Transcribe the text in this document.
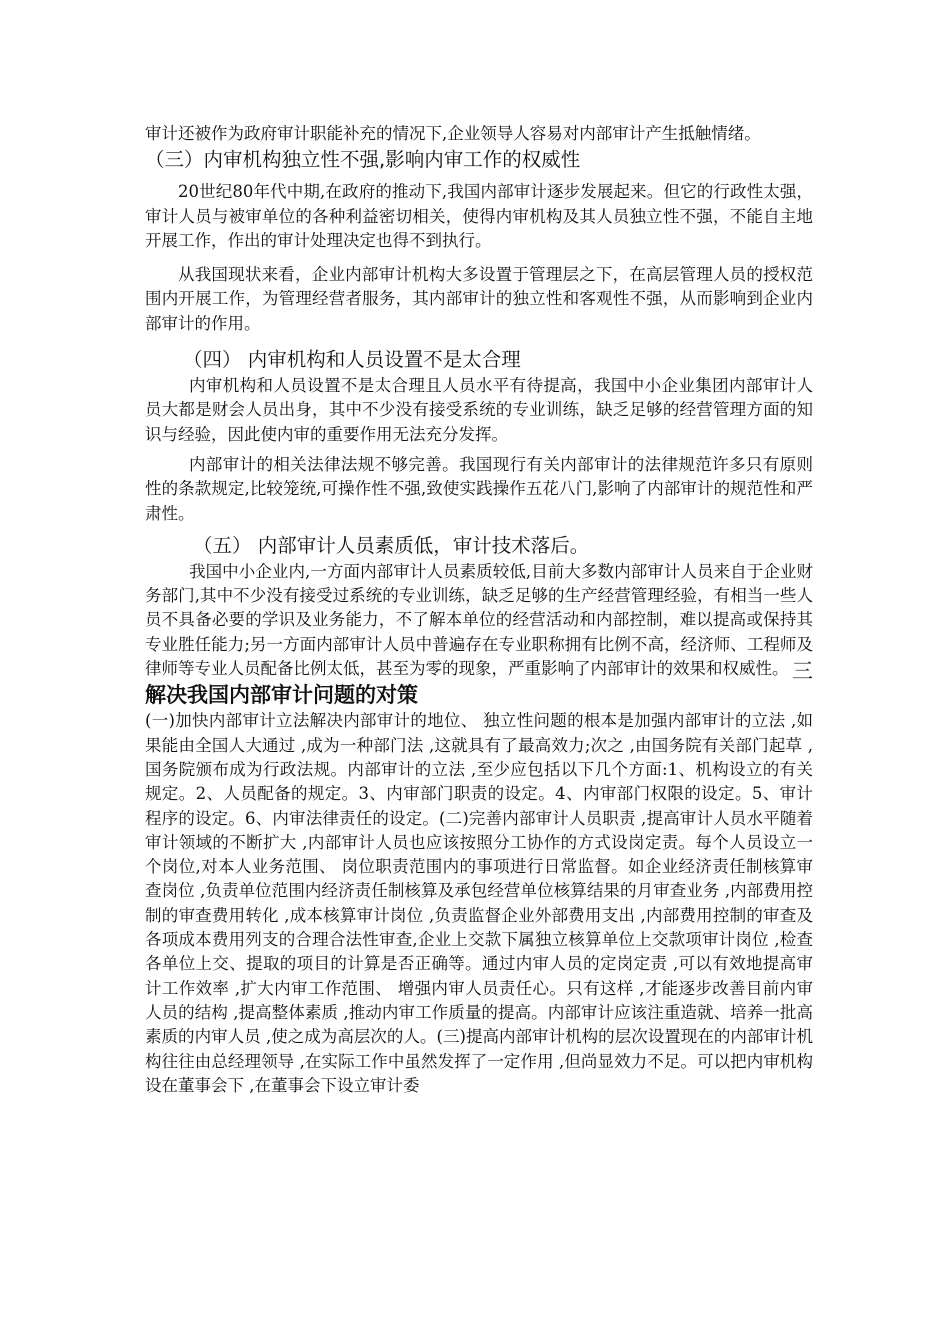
审计还被作为政府审计职能补充的情况下,企业领导人容易对内部审计产生抵触情绪。

（三）内审机构独立性不强,影响内审工作的权威性

20世纪80年代中期,在政府的推动下,我国内部审计逐步发展起来。但它的行政性太强，审计人员与被审单位的各种利益密切相关，使得内审机构及其人员独立性不强，不能自主地开展工作，作出的审计处理决定也得不到执行。

从我国现状来看，企业内部审计机构大多设置于管理层之下，在高层管理人员的授权范围内开展工作，为管理经营者服务，其内部审计的独立性和客观性不强，从而影响到企业内部审计的作用。

（四） 内审机构和人员设置不是太合理

内审机构和人员设置不是太合理且人员水平有待提高，我国中小企业集团内部审计人员大都是财会人员出身，其中不少没有接受系统的专业训练，缺乏足够的经营管理方面的知识与经验，因此使内审的重要作用无法充分发挥。

内部审计的相关法律法规不够完善。我国现行有关内部审计的法律规范许多只有原则性的条款规定,比较笼统,可操作性不强,致使实践操作五花八门,影响了内部审计的规范性和严肃性。

（五） 内部审计人员素质低，审计技术落后。

我国中小企业内,一方面内部审计人员素质较低,目前大多数内部审计人员来自于企业财务部门,其中不少没有接受过系统的专业训练，缺乏足够的生产经营管理经验，有相当一些人员不具备必要的学识及业务能力，不了解本单位的经营活动和内部控制，难以提高或保持其专业胜任能力;另一方面内部审计人员中普遍存在专业职称拥有比例不高，经济师、工程师及律师等专业人员配备比例太低，甚至为零的现象，严重影响了内部审计的效果和权威性。 三
解决我国内部审计问题的对策

(一)加快内部审计立法解决内部审计的地位、 独立性问题的根本是加强内部审计的立法 ,如果能由全国人大通过 ,成为一种部门法 ,这就具有了最高效力;次之 ,由国务院有关部门起草 ,国务院颁布成为行政法规。内部审计的立法 ,至少应包括以下几个方面:1、机构设立的有关规定。2、人员配备的规定。3、内审部门职责的设定。4、内审部门权限的设定。5、审计程序的设定。6、内审法律责任的设定。(二)完善内部审计人员职责 ,提高审计人员水平随着审计领域的不断扩大 ,内部审计人员也应该按照分工协作的方式设岗定责。每个人员设立一个岗位,对本人业务范围、 岗位职责范围内的事项进行日常监督。如企业经济责任制核算审查岗位 ,负责单位范围内经济责任制核算及承包经营单位核算结果的月审查业务 ,内部费用控制的审查费用转化 ,成本核算审计岗位 ,负责监督企业外部费用支出 ,内部费用控制的审查及各项成本费用列支的合理合法性审查,企业上交款下属独立核算单位上交款项审计岗位 ,检查各单位上交、提取的项目的计算是否正确等。通过内审人员的定岗定责 ,可以有效地提高审计工作效率 ,扩大内审工作范围、 增强内审人员责任心。只有这样 ,才能逐步改善目前内审人员的结构 ,提高整体素质 ,推动内审工作质量的提高。内部审计应该注重造就、培养一批高素质的内审人员 ,使之成为高层次的人。(三)提高内部审计机构的层次设置现在的内部审计机构往往由总经理领导 ,在实际工作中虽然发挥了一定作用 ,但尚显效力不足。可以把内审机构设在董事会下 ,在董事会下设立审计委
